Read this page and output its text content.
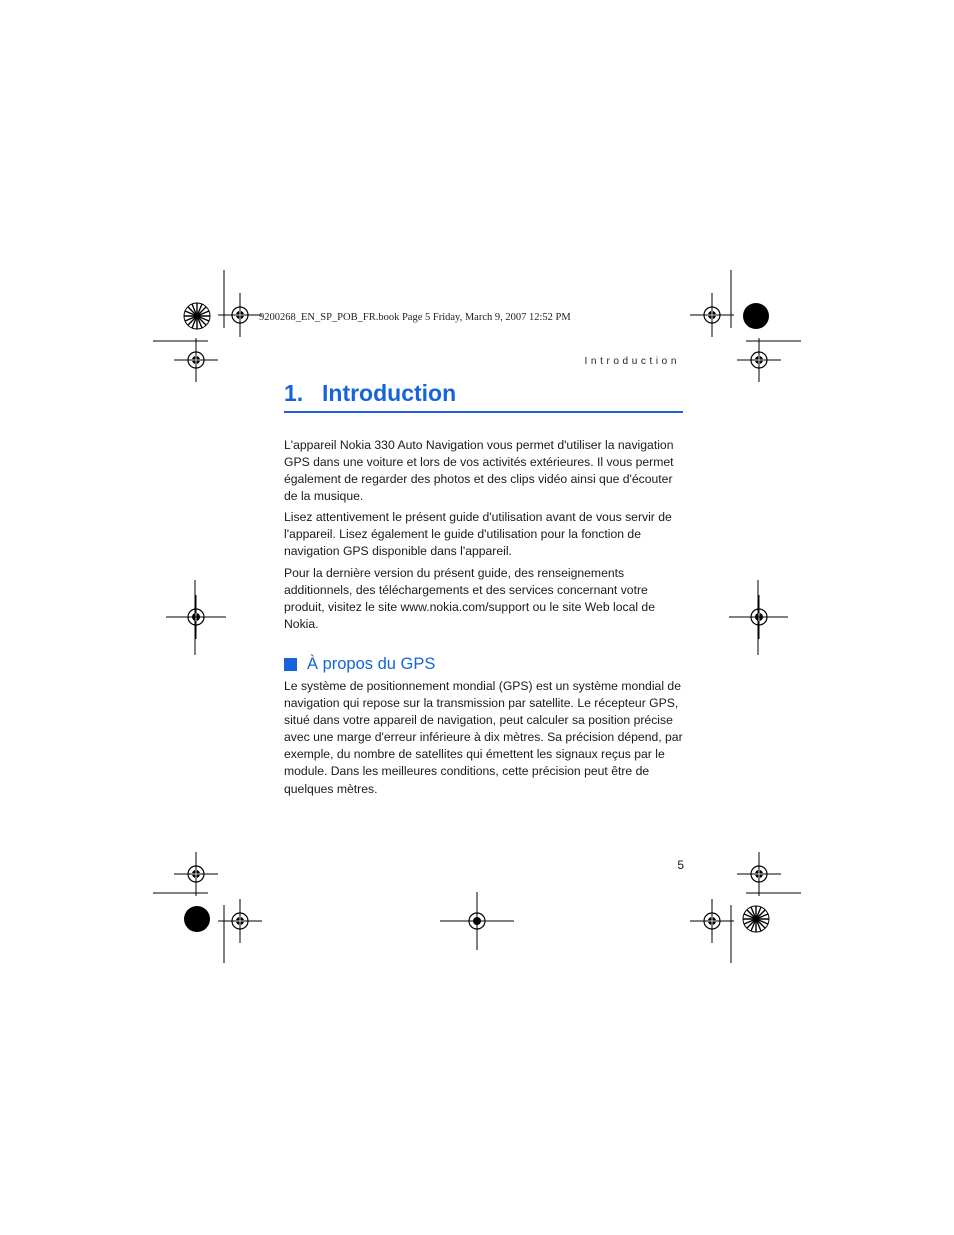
9200268_EN_SP_POB_FR.book Page 5 Friday, March 9, 2007 12:52 PM
Introduction
1. Introduction

L'appareil Nokia 330 Auto Navigation vous permet d'utiliser la navigation GPS dans une voiture et lors de vos activités extérieures. Il vous permet également de regarder des photos et des clips vidéo ainsi que d'écouter de la musique.

Lisez attentivement le présent guide d'utilisation avant de vous servir de l'appareil. Lisez également le guide d'utilisation pour la fonction de navigation GPS disponible dans l'appareil.

Pour la dernière version du présent guide, des renseignements additionnels, des téléchargements et des services concernant votre produit, visitez le site www.nokia.com/support ou le site Web local de Nokia.

À propos du GPS

Le système de positionnement mondial (GPS) est un système mondial de navigation qui repose sur la transmission par satellite. Le récepteur GPS, situé dans votre appareil de navigation, peut calculer sa position précise avec une marge d'erreur inférieure à dix mètres. Sa précision dépend, par exemple, du nombre de satellites qui émettent les signaux reçus par le module. Dans les meilleures conditions, cette précision peut être de quelques mètres.

5
